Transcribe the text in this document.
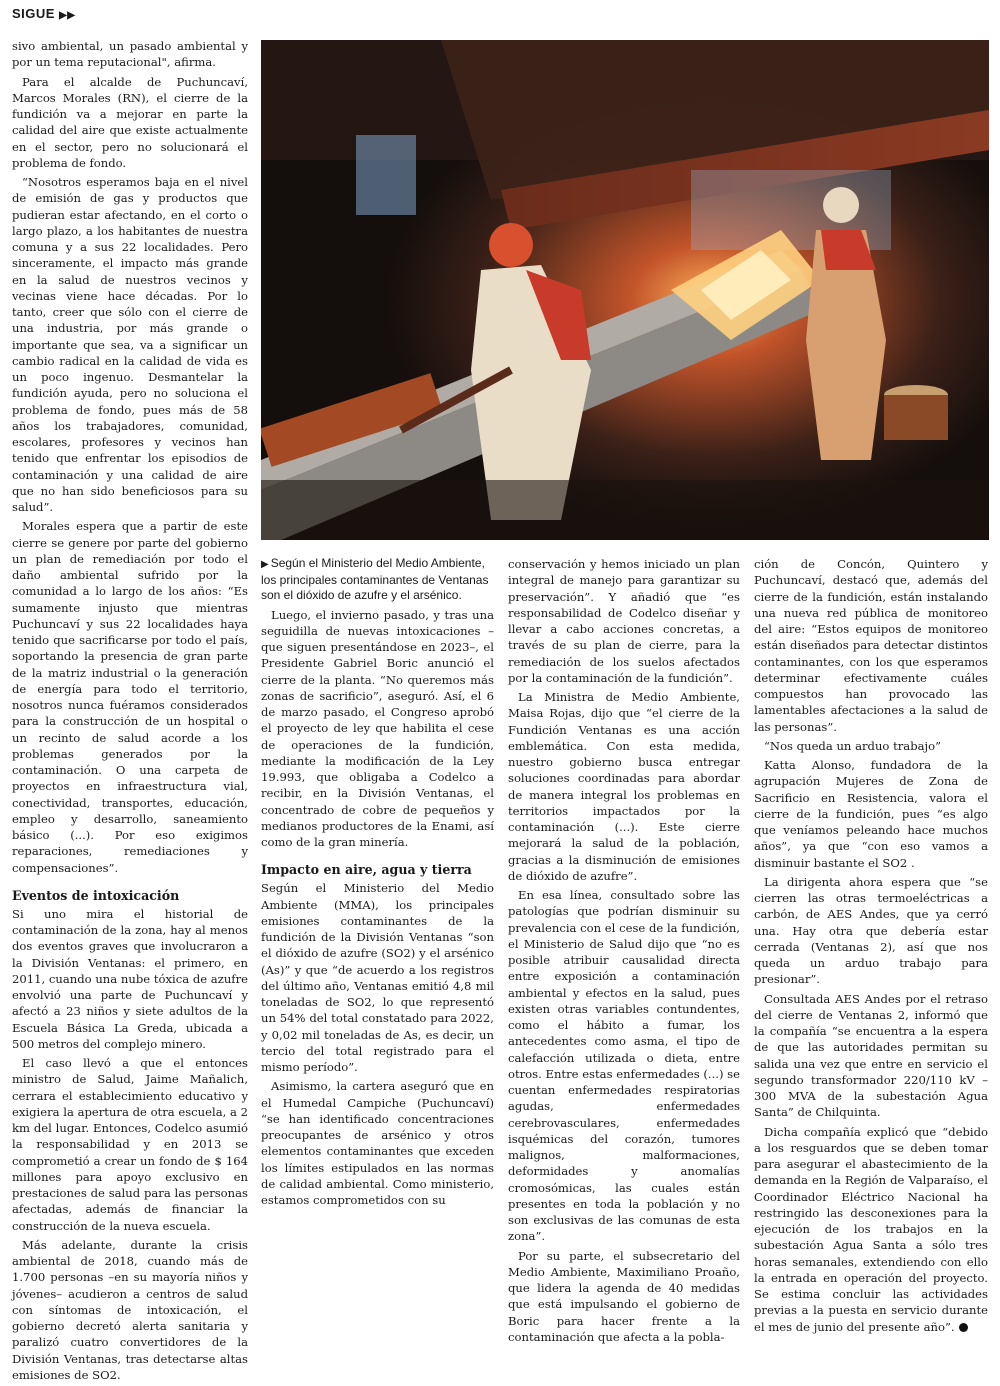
SIGUE ▶▶

sivo ambiental, un pasado ambiental y por un tema reputacional", afirma.

Para el alcalde de Puchuncaví, Marcos Morales (RN), el cierre de la fundición va a mejorar en parte la calidad del aire que existe actualmente en el sector, pero no solucionará el problema de fondo.

“Nosotros esperamos baja en el nivel de emisión de gas y productos que pudieran estar afectando, en el corto o largo plazo, a los habitantes de nuestra comuna y a sus 22 localidades. Pero sinceramente, el impacto más grande en la salud de nuestros vecinos y vecinas viene hace décadas. Por lo tanto, creer que sólo con el cierre de una industria, por más grande o importante que sea, va a significar un cambio radical en la calidad de vida es un poco ingenuo. Desmantelar la fundición ayuda, pero no soluciona el problema de fondo, pues más de 58 años los trabajadores, comunidad, escolares, profesores y vecinos han tenido que enfrentar los episodios de contaminación y una calidad de aire que no han sido beneficiosos para su salud”.

Morales espera que a partir de este cierre se genere por parte del gobierno un plan de remediación por todo el daño ambiental sufrido por la comunidad a lo largo de los años: “Es sumamente injusto que mientras Puchuncaví y sus 22 localidades haya tenido que sacrificarse por todo el país, soportando la presencia de gran parte de la matriz industrial o la generación de energía para todo el territorio, nosotros nunca fuéramos considerados para la construcción de un hospital o un recinto de salud acorde a los problemas generados por la contaminación. O una carpeta de proyectos en infraestructura vial, conectividad, transportes, educación, empleo y desarrollo, saneamiento básico (...). Por eso exigimos reparaciones, remediaciones y compensaciones”.

Eventos de intoxicación

Si uno mira el historial de contaminación de la zona, hay al menos dos eventos graves que involucraron a la División Ventanas: el primero, en 2011, cuando una nube tóxica de azufre envolvió una parte de Puchuncaví y afectó a 23 niños y siete adultos de la Escuela Básica La Greda, ubicada a 500 metros del complejo minero.

El caso llevó a que el entonces ministro de Salud, Jaime Mañalich, cerrara el establecimiento educativo y exigiera la apertura de otra escuela, a 2 km del lugar. Entonces, Codelco asumió la responsabilidad y en 2013 se comprometió a crear un fondo de $ 164 millones para apoyo exclusivo en prestaciones de salud para las personas afectadas, además de financiar la construcción de la nueva escuela.

Más adelante, durante la crisis ambiental de 2018, cuando más de 1.700 personas –en su mayoría niños y jóvenes– acudieron a centros de salud con síntomas de intoxicación, el gobierno decretó alerta sanitaria y paralizó cuatro convertidores de la División Ventanas, tras detectarse altas emisiones de SO2.

▶ Según el Ministerio del Medio Ambiente, los principales contaminantes de Ventanas son el dióxido de azufre y el arsénico.

Luego, el invierno pasado, y tras una seguidilla de nuevas intoxicaciones –que siguen presentándose en 2023–, el Presidente Gabriel Boric anunció el cierre de la planta. “No queremos más zonas de sacrificio”, aseguró. Así, el 6 de marzo pasado, el Congreso aprobó el proyecto de ley que habilita el cese de operaciones de la fundición, mediante la modificación de la Ley 19.993, que obligaba a Codelco a recibir, en la División Ventanas, el concentrado de cobre de pequeños y medianos productores de la Enami, así como de la gran minería.

Impacto en aire, agua y tierra

Según el Ministerio del Medio Ambiente (MMA), los principales emisiones contaminantes de la fundición de la División Ventanas “son el dióxido de azufre (SO2) y el arsénico (As)” y que “de acuerdo a los registros del último año, Ventanas emitió 4,8 mil toneladas de SO2, lo que representó un 54% del total constatado para 2022, y 0,02 mil toneladas de As, es decir, un tercio del total registrado para el mismo período”.

Asimismo, la cartera aseguró que en el Humedal Campiche (Puchuncaví) “se han identificado concentraciones preocupantes de arsénico y otros elementos contaminantes que exceden los límites estipulados en las normas de calidad ambiental. Como ministerio, estamos comprometidos con su

conservación y hemos iniciado un plan integral de manejo para garantizar su preservación”. Y añadió que “es responsabilidad de Codelco diseñar y llevar a cabo acciones concretas, a través de su plan de cierre, para la remediación de los suelos afectados por la contaminación de la fundición”.

La Ministra de Medio Ambiente, Maisa Rojas, dijo que “el cierre de la Fundición Ventanas es una acción emblemática. Con esta medida, nuestro gobierno busca entregar soluciones coordinadas para abordar de manera integral los problemas en territorios impactados por la contaminación (...). Este cierre mejorará la salud de la población, gracias a la disminución de emisiones de dióxido de azufre”.

En esa línea, consultado sobre las patologías que podrían disminuir su prevalencia con el cese de la fundición, el Ministerio de Salud dijo que “no es posible atribuir causalidad directa entre exposición a contaminación ambiental y efectos en la salud, pues existen otras variables contundentes, como el hábito a fumar, los antecedentes como asma, el tipo de calefacción utilizada o dieta, entre otros. Entre estas enfermedades (...) se cuentan enfermedades respiratorias agudas, enfermedades cerebrovasculares, enfermedades isquémicas del corazón, tumores malignos, malformaciones, deformidades y anomalías cromosómicas, las cuales están presentes en toda la población y no son exclusivas de las comunas de esta zona”.

Por su parte, el subsecretario del Medio Ambiente, Maximiliano Proaño, que lidera la agenda de 40 medidas que está impulsando el gobierno de Boric para hacer frente a la contaminación que afecta a la pobla-

ción de Concón, Quintero y Puchuncaví, destacó que, además del cierre de la fundición, están instalando una nueva red pública de monitoreo del aire: “Estos equipos de monitoreo están diseñados para detectar distintos contaminantes, con los que esperamos determinar efectivamente cuáles compuestos han provocado las lamentables afectaciones a la salud de las personas”.

“Nos queda un arduo trabajo”

Katta Alonso, fundadora de la agrupación Mujeres de Zona de Sacrificio en Resistencia, valora el cierre de la fundición, pues “es algo que veníamos peleando hace muchos años”, ya que “con eso vamos a disminuir bastante el SO2 .

La dirigenta ahora espera que “se cierren las otras termoeléctricas a carbón, de AES Andes, que ya cerró una. Hay otra que debería estar cerrada (Ventanas 2), así que nos queda un arduo trabajo para presionar”.

Consultada AES Andes por el retraso del cierre de Ventanas 2, informó que la compañía “se encuentra a la espera de que las autoridades permitan su salida una vez que entre en servicio el segundo transformador 220/110 kV – 300 MVA de la subestación Agua Santa” de Chilquinta.

Dicha compañía explicó que “debido a los resguardos que se deben tomar para asegurar el abastecimiento de la demanda en la Región de Valparaíso, el Coordinador Eléctrico Nacional ha restringido las desconexiones para la ejecución de los trabajos en la subestación Agua Santa a sólo tres horas semanales, extendiendo con ello la entrada en operación del proyecto. Se estima concluir las actividades previas a la puesta en servicio durante el mes de junio del presente año”.
